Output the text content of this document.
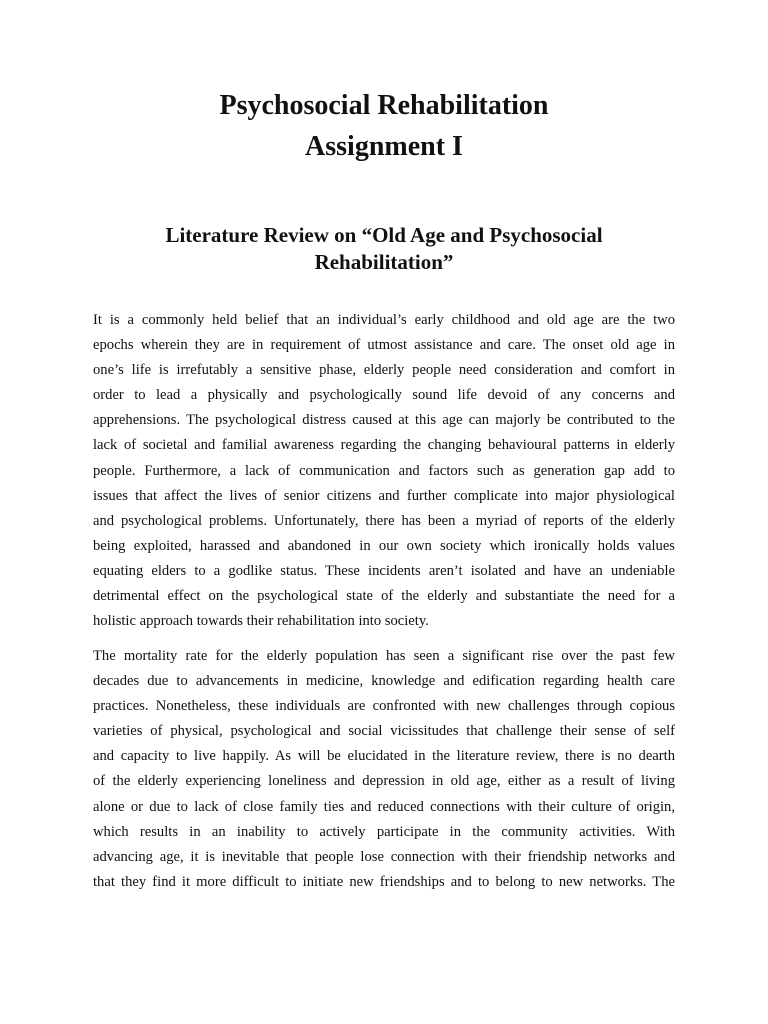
Psychosocial Rehabilitation
Assignment I
Literature Review on “Old Age and Psychosocial
Rehabilitation”
It is a commonly held belief that an individual’s early childhood and old age are the two
epochs wherein they are in requirement of utmost assistance and care. The onset old age in
one’s life is irrefutably a sensitive phase, elderly people need consideration and comfort in
order to lead a physically and psychologically sound life devoid of any concerns and
apprehensions. The psychological distress caused at this age can majorly be contributed to the
lack of societal and familial awareness regarding the changing behavioural patterns in elderly
people. Furthermore, a lack of communication and factors such as generation gap add to
issues that affect the lives of senior citizens and further complicate into major physiological
and psychological problems. Unfortunately, there has been a myriad of reports of the elderly
being exploited, harassed and abandoned in our own society which ironically holds values
equating elders to a godlike status. These incidents aren’t isolated and have an undeniable
detrimental effect on the psychological state of the elderly and substantiate the need for a
holistic approach towards their rehabilitation into society.
The mortality rate for the elderly population has seen a significant rise over the past few
decades due to advancements in medicine, knowledge and edification regarding health care
practices. Nonetheless, these individuals are confronted with new challenges through copious
varieties of physical, psychological and social vicissitudes that challenge their sense of self
and capacity to live happily. As will be elucidated in the literature review, there is no dearth
of the elderly experiencing loneliness and depression in old age, either as a result of living
alone or due to lack of close family ties and reduced connections with their culture of origin,
which results in an inability to actively participate in the community activities. With
advancing age, it is inevitable that people lose connection with their friendship networks and
that they find it more difficult to initiate new friendships and to belong to new networks. The
